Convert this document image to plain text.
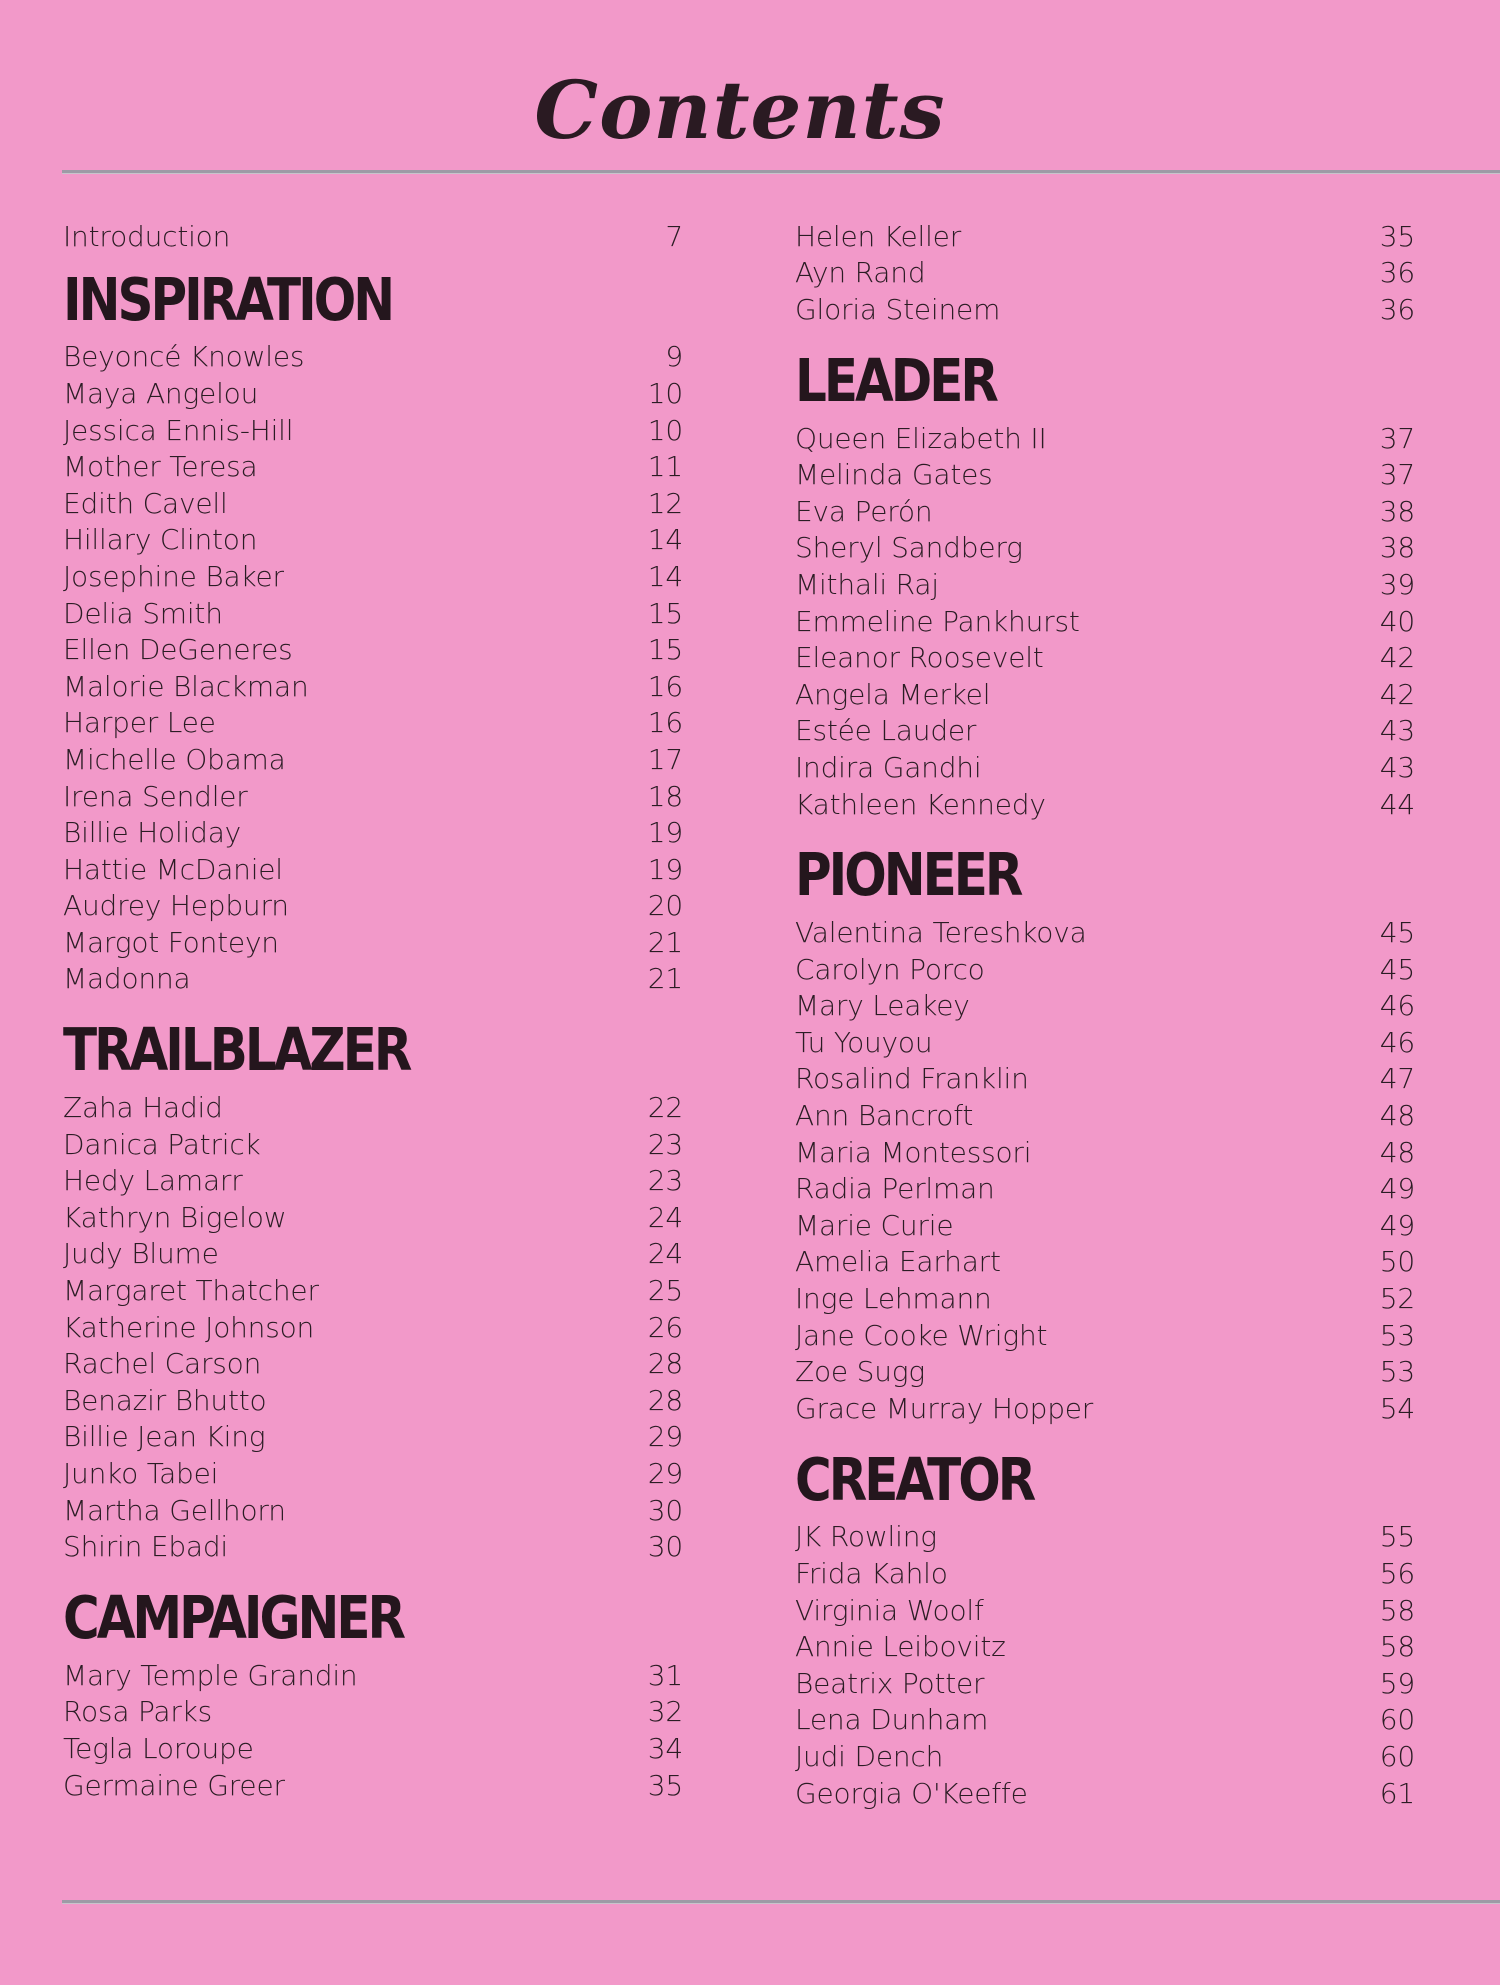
Contents
Introduction	7
INSPIRATION
Beyoncé Knowles	9
Maya Angelou	10
Jessica Ennis-Hill	10
Mother Teresa	11
Edith Cavell	12
Hillary Clinton	14
Josephine Baker	14
Delia Smith	15
Ellen DeGeneres	15
Malorie Blackman	16
Harper Lee	16
Michelle Obama	17
Irena Sendler	18
Billie Holiday	19
Hattie McDaniel	19
Audrey Hepburn	20
Margot Fonteyn	21
Madonna	21
TRAILBLAZER
Zaha Hadid	22
Danica Patrick	23
Hedy Lamarr	23
Kathryn Bigelow	24
Judy Blume	24
Margaret Thatcher	25
Katherine Johnson	26
Rachel Carson	28
Benazir Bhutto	28
Billie Jean King	29
Junko Tabei	29
Martha Gellhorn	30
Shirin Ebadi	30
CAMPAIGNER
Mary Temple Grandin	31
Rosa Parks	32
Tegla Loroupe	34
Germaine Greer	35
Helen Keller	35
Ayn Rand	36
Gloria Steinem	36
LEADER
Queen Elizabeth II	37
Melinda Gates	37
Eva Perón	38
Sheryl Sandberg	38
Mithali Raj	39
Emmeline Pankhurst	40
Eleanor Roosevelt	42
Angela Merkel	42
Estée Lauder	43
Indira Gandhi	43
Kathleen Kennedy	44
PIONEER
Valentina Tereshkova	45
Carolyn Porco	45
Mary Leakey	46
Tu Youyou	46
Rosalind Franklin	47
Ann Bancroft	48
Maria Montessori	48
Radia Perlman	49
Marie Curie	49
Amelia Earhart	50
Inge Lehmann	52
Jane Cooke Wright	53
Zoe Sugg	53
Grace Murray Hopper	54
CREATOR
JK Rowling	55
Frida Kahlo	56
Virginia Woolf	58
Annie Leibovitz	58
Beatrix Potter	59
Lena Dunham	60
Judi Dench	60
Georgia O'Keeffe	61
